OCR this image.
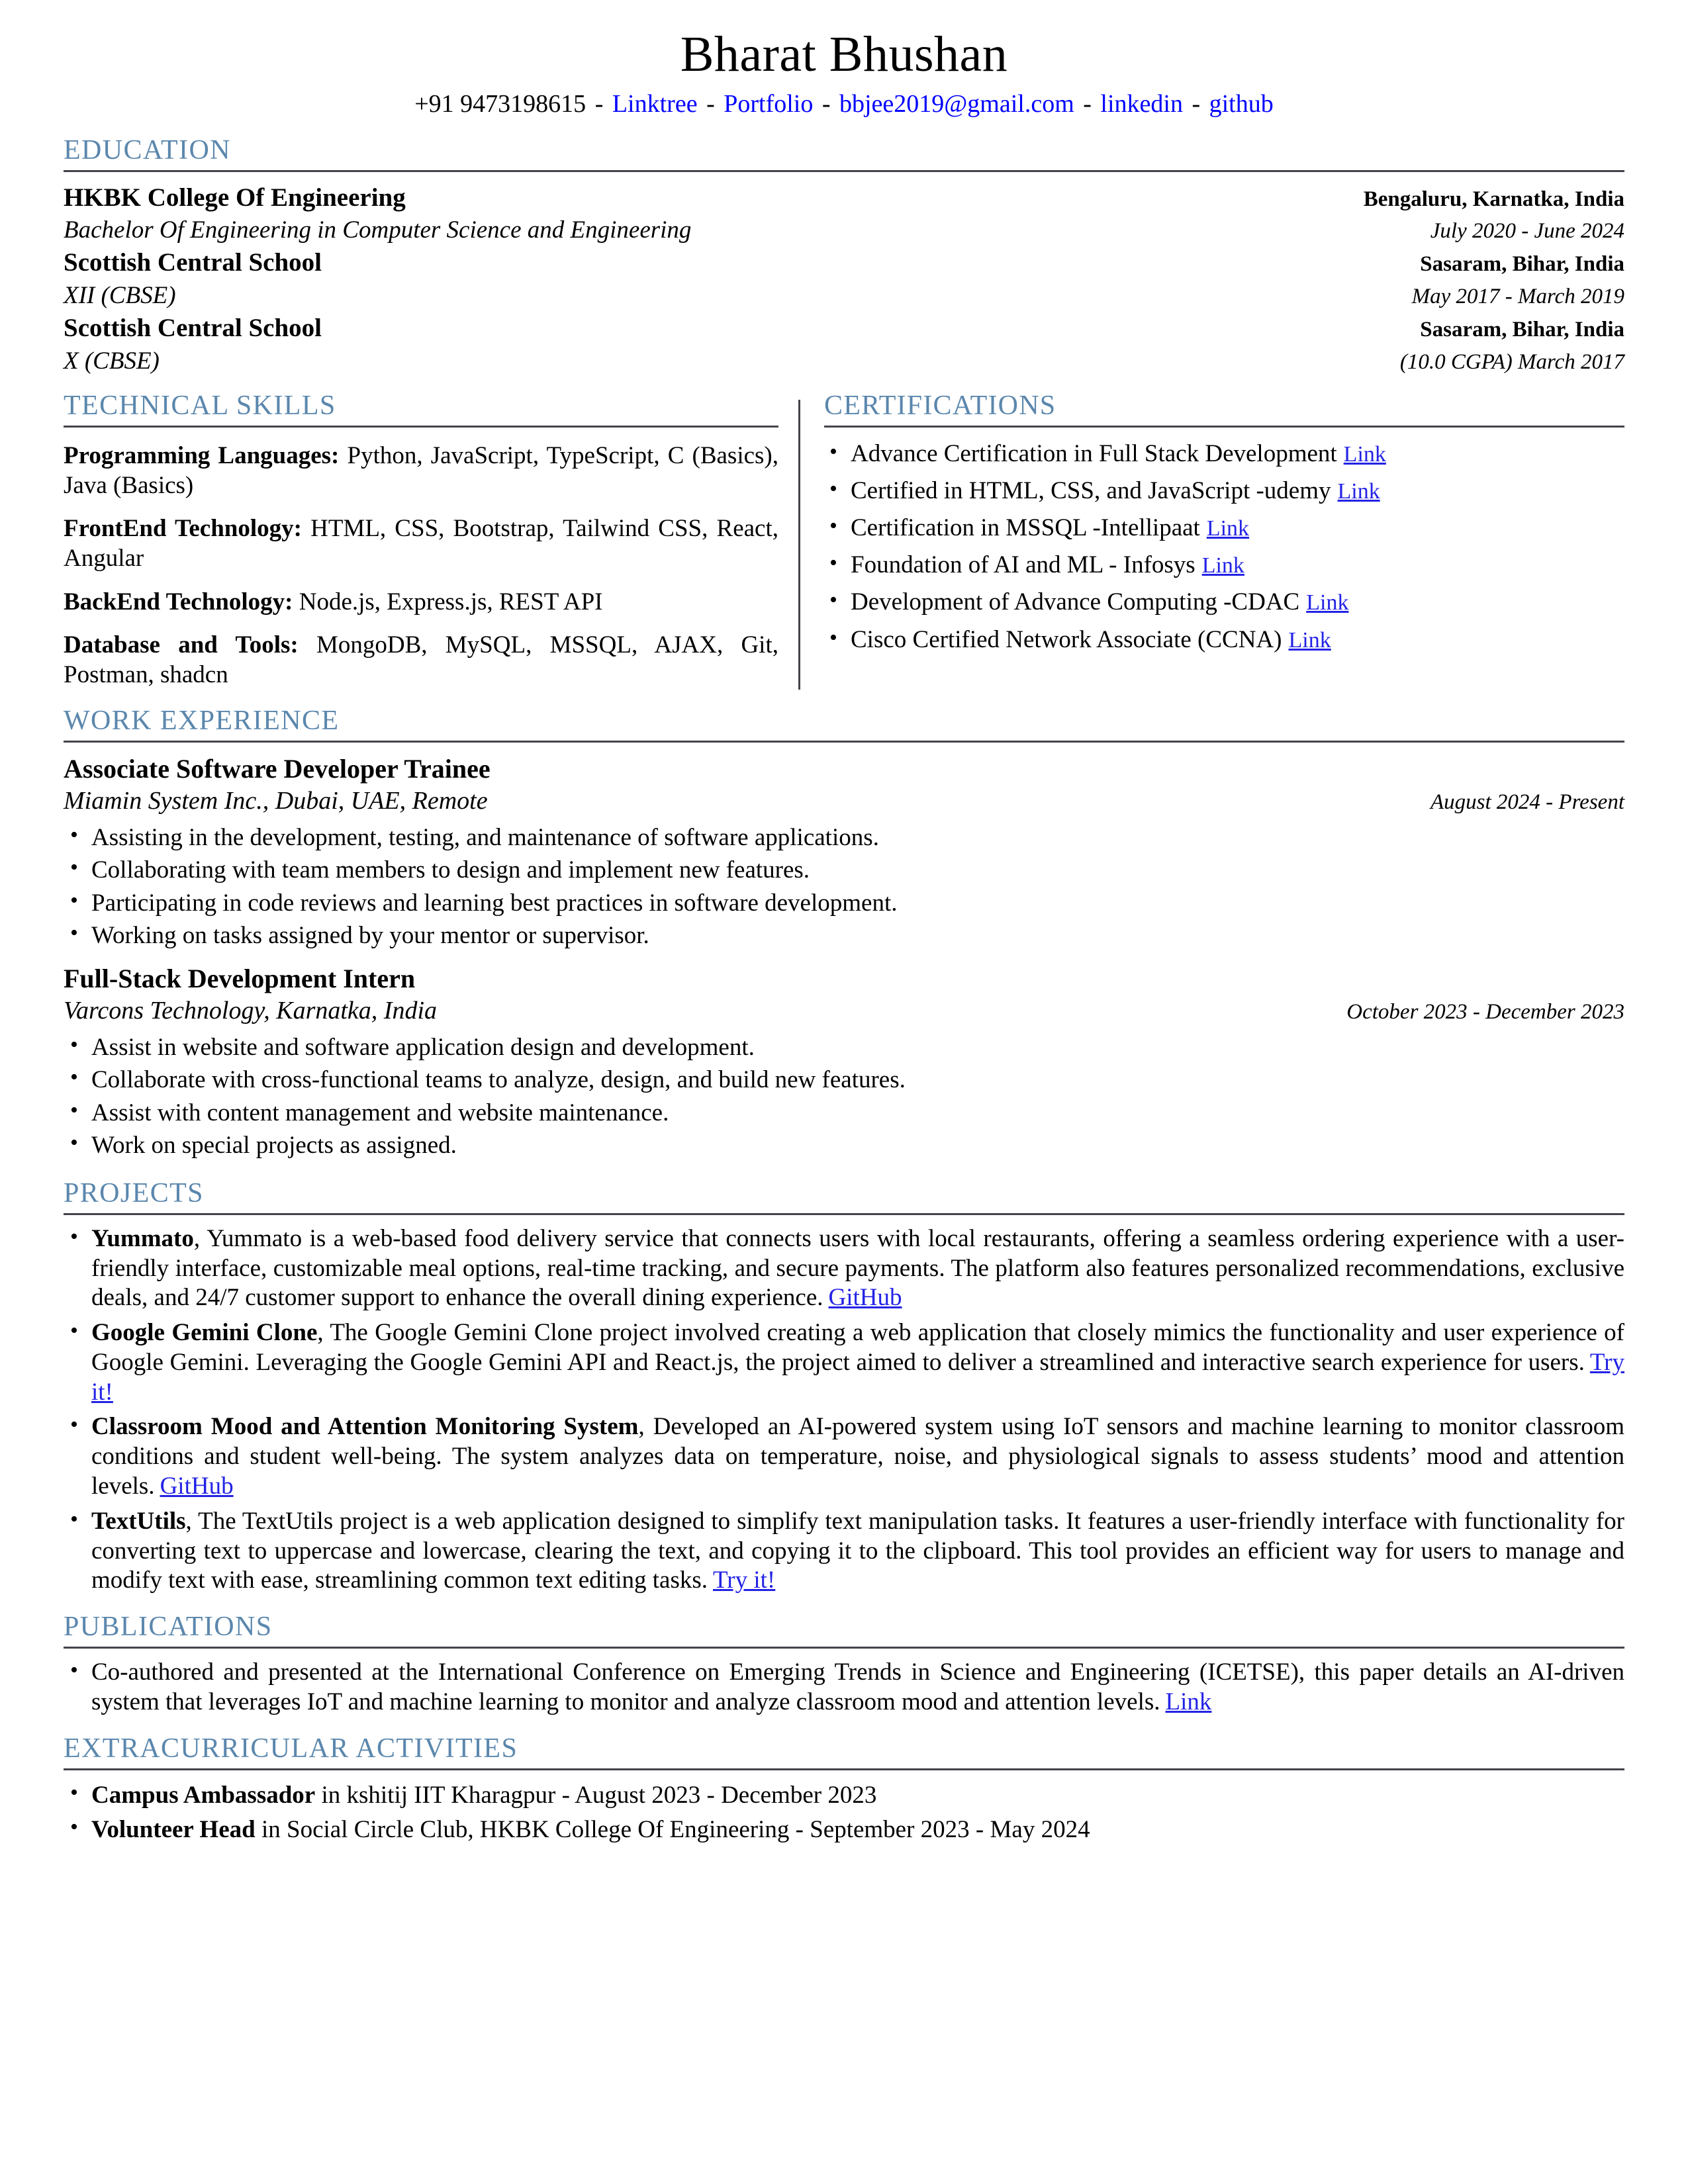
Bharat Bhushan
+91 9473198615 - Linktree - Portfolio - bbjee2019@gmail.com - linkedin - github
EDUCATION
HKBK College Of Engineering	Bengaluru, Karnatka, India
Bachelor Of Engineering in Computer Science and Engineering	July 2020 - June 2024
Scottish Central School	Sasaram, Bihar, India
XII (CBSE)	May 2017 - March 2019
Scottish Central School	Sasaram, Bihar, India
X (CBSE)	(10.0 CGPA) March 2017
TECHNICAL SKILLS
Programming Languages: Python, JavaScript, TypeScript, C (Basics), Java (Basics)
FrontEnd Technology: HTML, CSS, Bootstrap, Tailwind CSS, React, Angular
BackEnd Technology: Node.js, Express.js, REST API
Database and Tools: MongoDB, MySQL, MSSQL, AJAX, Git, Postman, shadcn
CERTIFICATIONS
• Advance Certification in Full Stack Development Link
• Certified in HTML, CSS, and JavaScript -udemy Link
• Certification in MSSQL -Intellipaat Link
• Foundation of AI and ML - Infosys Link
• Development of Advance Computing -CDAC Link
• Cisco Certified Network Associate (CCNA) Link
WORK EXPERIENCE
Associate Software Developer Trainee
Miamin System Inc., Dubai, UAE, Remote	August 2024 - Present
• Assisting in the development, testing, and maintenance of software applications.
• Collaborating with team members to design and implement new features.
• Participating in code reviews and learning best practices in software development.
• Working on tasks assigned by your mentor or supervisor.
Full-Stack Development Intern
Varcons Technology, Karnatka, India	October 2023 - December 2023
• Assist in website and software application design and development.
• Collaborate with cross-functional teams to analyze, design, and build new features.
• Assist with content management and website maintenance.
• Work on special projects as assigned.
PROJECTS
• Yummato, Yummato is a web-based food delivery service that connects users with local restaurants, offering a seamless ordering experience with a user-friendly interface, customizable meal options, real-time tracking, and secure payments. The platform also features personalized recommendations, exclusive deals, and 24/7 customer support to enhance the overall dining experience. GitHub
• Google Gemini Clone, The Google Gemini Clone project involved creating a web application that closely mimics the functionality and user experience of Google Gemini. Leveraging the Google Gemini API and React.js, the project aimed to deliver a streamlined and interactive search experience for users. Try it!
• Classroom Mood and Attention Monitoring System, Developed an AI-powered system using IoT sensors and machine learning to monitor classroom conditions and student well-being. The system analyzes data on temperature, noise, and physiological signals to assess students’ mood and attention levels. GitHub
• TextUtils, The TextUtils project is a web application designed to simplify text manipulation tasks. It features a user-friendly interface with functionality for converting text to uppercase and lowercase, clearing the text, and copying it to the clipboard. This tool provides an efficient way for users to manage and modify text with ease, streamlining common text editing tasks. Try it!
PUBLICATIONS
• Co-authored and presented at the International Conference on Emerging Trends in Science and Engineering (ICETSE), this paper details an AI-driven system that leverages IoT and machine learning to monitor and analyze classroom mood and attention levels. Link
EXTRACURRICULAR ACTIVITIES
• Campus Ambassador in kshitij IIT Kharagpur - August 2023 - December 2023
• Volunteer Head in Social Circle Club, HKBK College Of Engineering - September 2023 - May 2024
